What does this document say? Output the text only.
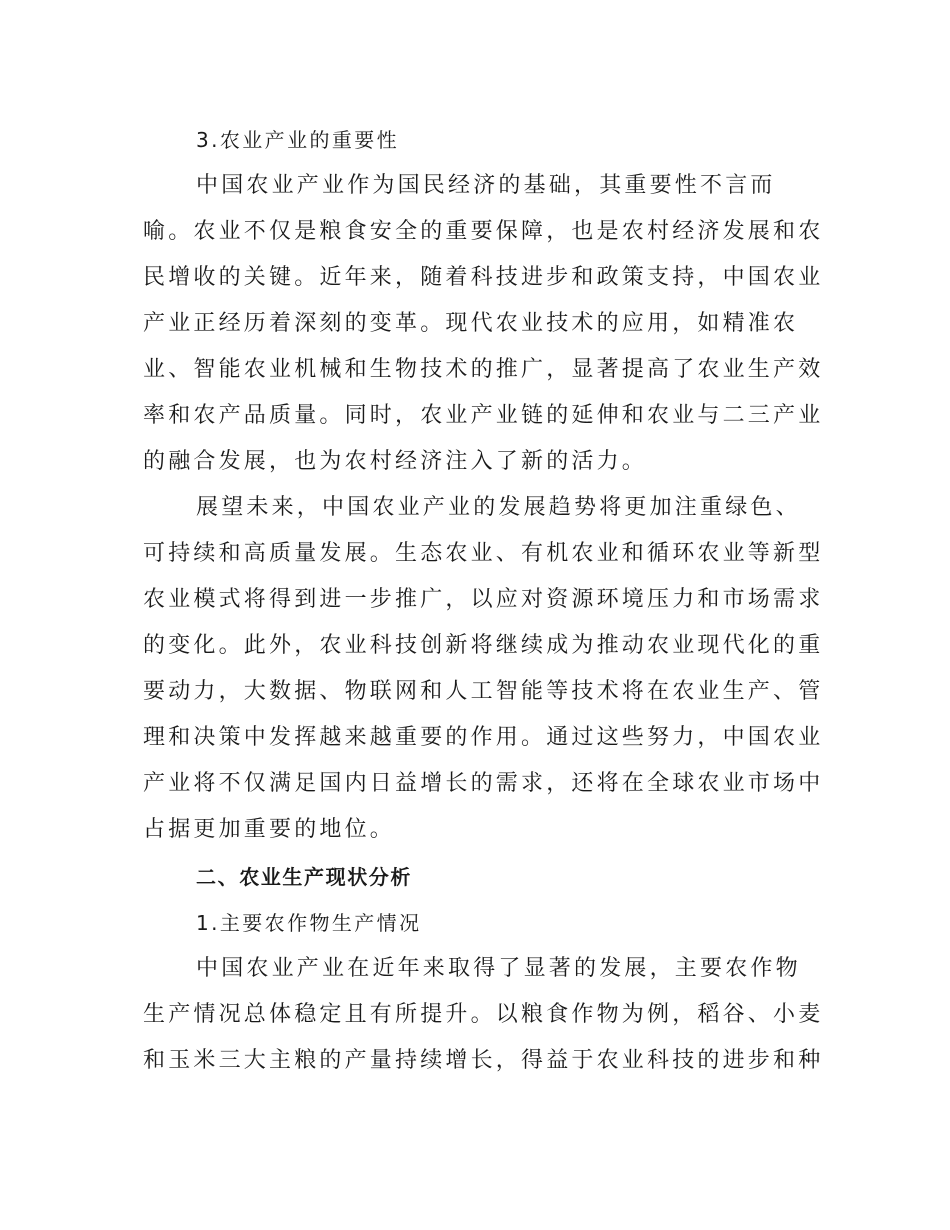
3.农业产业的重要性

中国农业产业作为国民经济的基础，其重要性不言而

喻。农业不仅是粮食安全的重要保障，也是农村经济发展和农

民增收的关键。近年来，随着科技进步和政策支持，中国农业

产业正经历着深刻的变革。现代农业技术的应用，如精准农

业、智能农业机械和生物技术的推广，显著提高了农业生产效

率和农产品质量。同时，农业产业链的延伸和农业与二三产业

的融合发展，也为农村经济注入了新的活力。

展望未来，中国农业产业的发展趋势将更加注重绿色、

可持续和高质量发展。生态农业、有机农业和循环农业等新型

农业模式将得到进一步推广，以应对资源环境压力和市场需求

的变化。此外，农业科技创新将继续成为推动农业现代化的重

要动力，大数据、物联网和人工智能等技术将在农业生产、管

理和决策中发挥越来越重要的作用。通过这些努力，中国农业

产业将不仅满足国内日益增长的需求，还将在全球农业市场中

占据更加重要的地位。

二、农业生产现状分析

1.主要农作物生产情况

中国农业产业在近年来取得了显著的发展，主要农作物

生产情况总体稳定且有所提升。以粮食作物为例，稻谷、小麦

和玉米三大主粮的产量持续增长，得益于农业科技的进步和种
